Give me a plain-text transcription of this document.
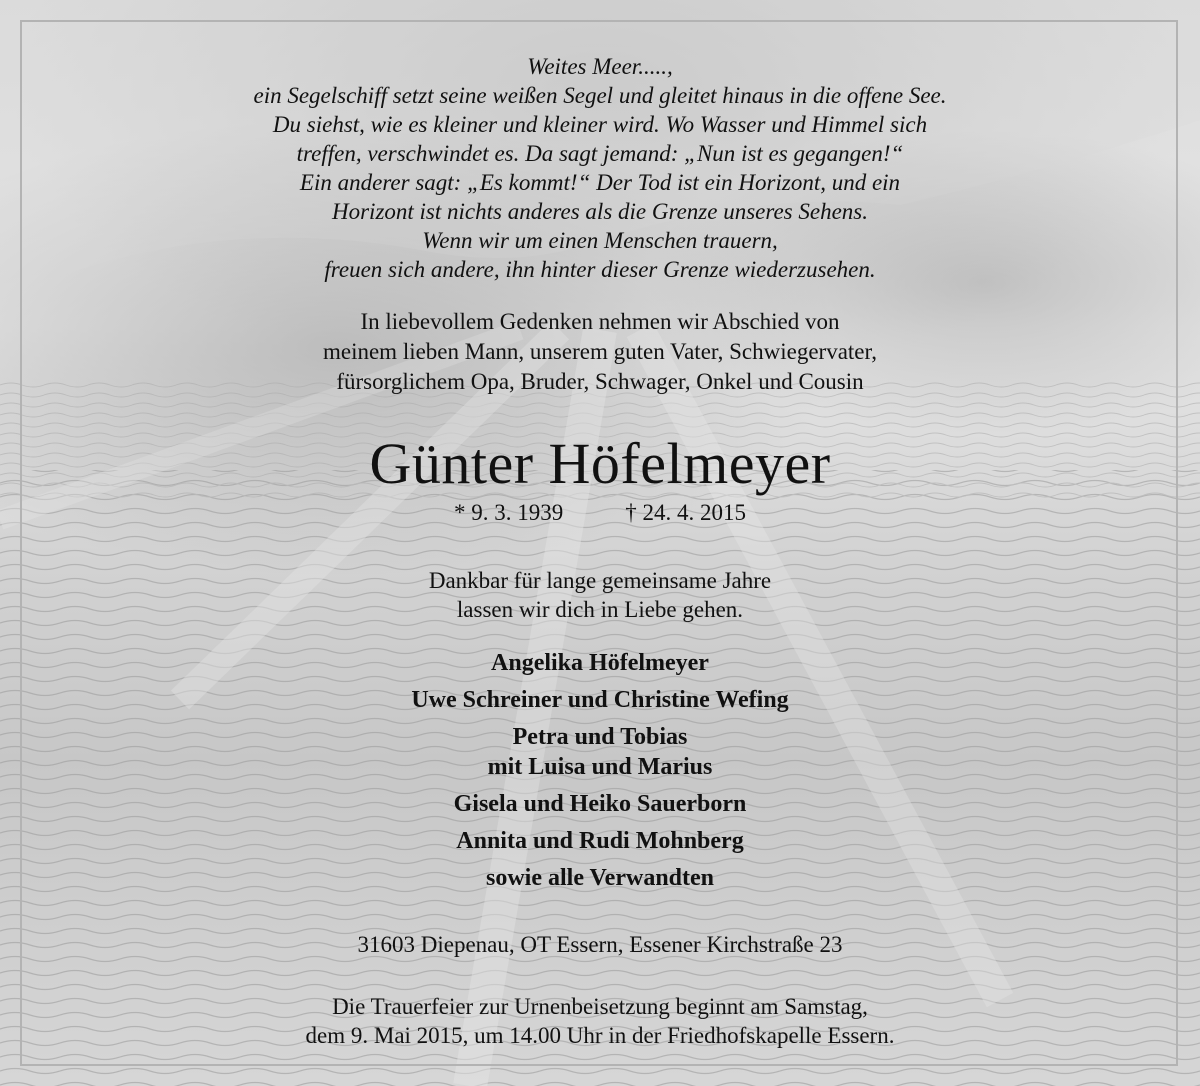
Weites Meer.....,
ein Segelschiff setzt seine weißen Segel und gleitet hinaus in die offene See.
Du siehst, wie es kleiner und kleiner wird. Wo Wasser und Himmel sich
treffen, verschwindet es. Da sagt jemand: „Nun ist es gegangen!“
Ein anderer sagt: „Es kommt!“ Der Tod ist ein Horizont, und ein
Horizont ist nichts anderes als die Grenze unseres Sehens.
Wenn wir um einen Menschen trauern,
freuen sich andere, ihn hinter dieser Grenze wiederzusehen.
In liebevollem Gedenken nehmen wir Abschied von
meinem lieben Mann, unserem guten Vater, Schwiegervater,
fürsorglichem Opa, Bruder, Schwager, Onkel und Cousin
Günter Höfelmeyer
* 9. 3. 1939	† 24. 4. 2015
Dankbar für lange gemeinsame Jahre
lassen wir dich in Liebe gehen.
Angelika Höfelmeyer
Uwe Schreiner und Christine Wefing
Petra und Tobias
mit Luisa und Marius
Gisela und Heiko Sauerborn
Annita und Rudi Mohnberg
sowie alle Verwandten
31603 Diepenau, OT Essern, Essener Kirchstraße 23
Die Trauerfeier zur Urnenbeisetzung beginnt am Samstag,
dem 9. Mai 2015, um 14.00 Uhr in der Friedhofskapelle Essern.
